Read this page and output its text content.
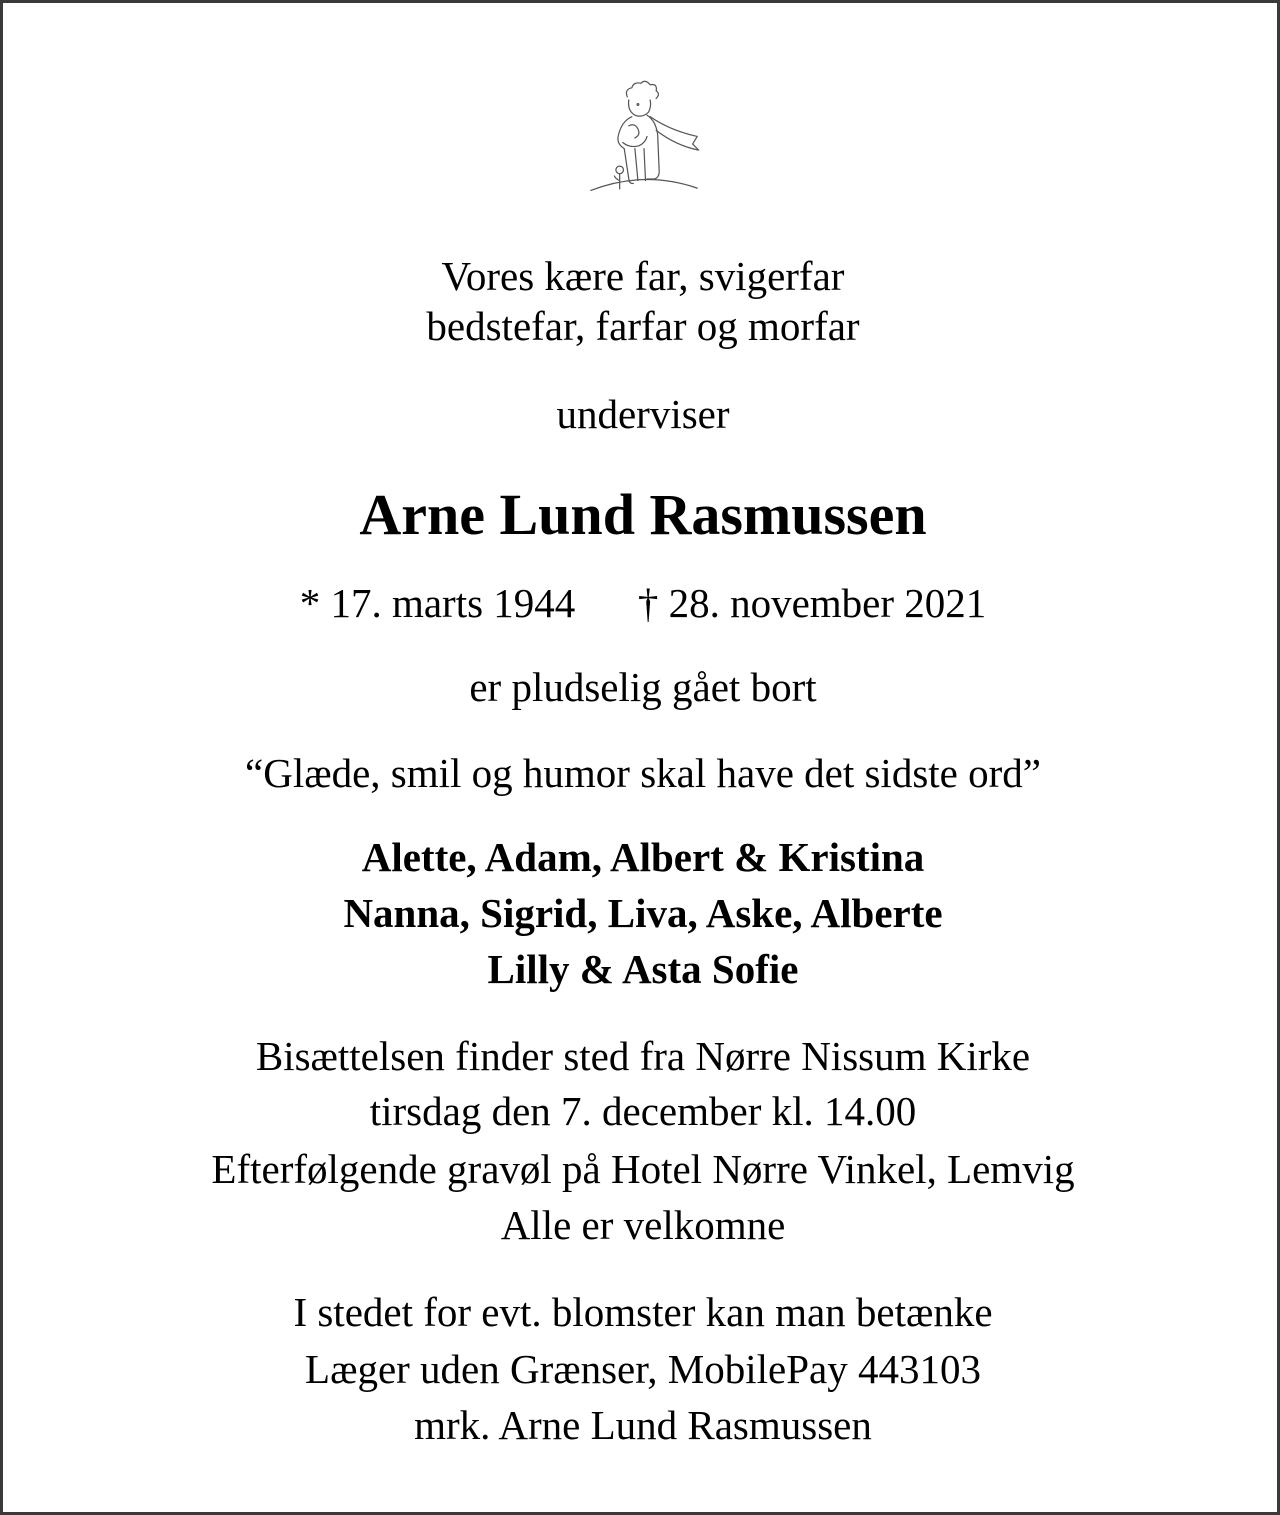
Vores kære far, svigerfar
bedstefar, farfar og morfar
underviser
Arne Lund Rasmussen
* 17. marts 1944 † 28. november 2021
er pludselig gået bort
“Glæde, smil og humor skal have det sidste ord”
Alette, Adam, Albert & Kristina
Nanna, Sigrid, Liva, Aske, Alberte
Lilly & Asta Sofie
Bisættelsen finder sted fra Nørre Nissum Kirke
tirsdag den 7. december kl. 14.00
Efterfølgende gravøl på Hotel Nørre Vinkel, Lemvig
Alle er velkomne
I stedet for evt. blomster kan man betænke
Læger uden Grænser, MobilePay 443103
mrk. Arne Lund Rasmussen
